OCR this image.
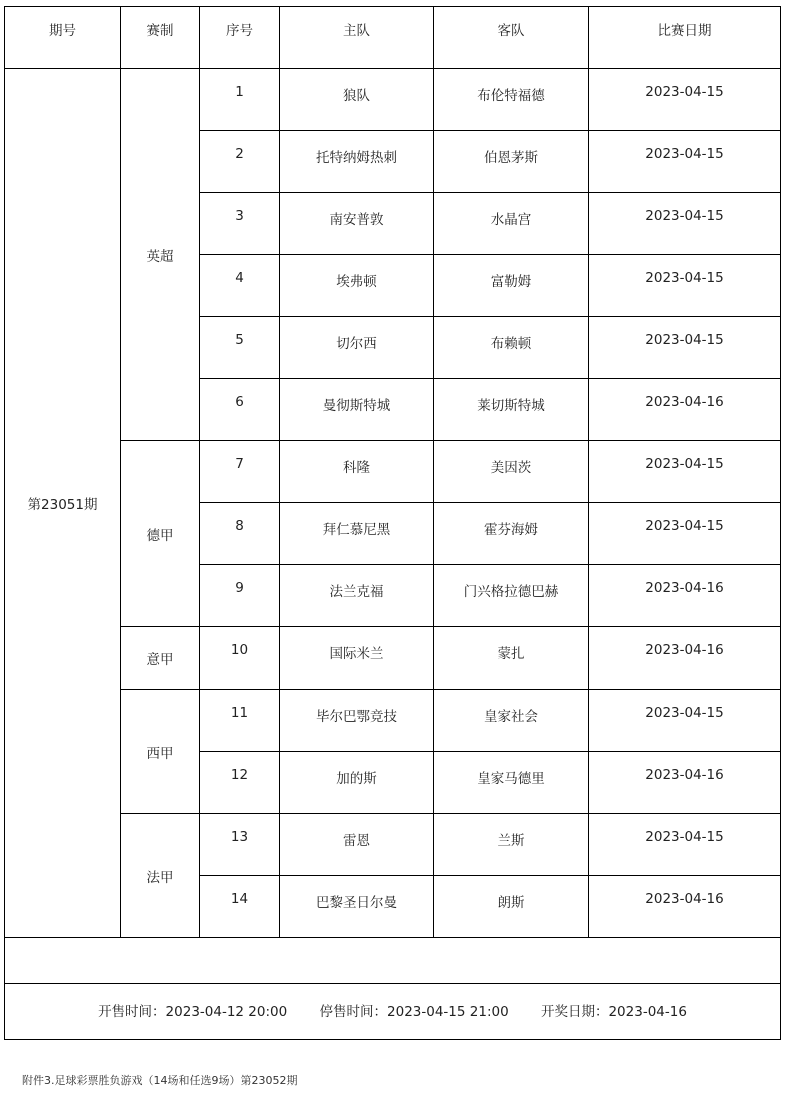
期号	赛制	序号	主队	客队	比赛日期
第23051期	英超	1	狼队	布伦特福德	2023-04-15
		2	托特纳姆热刺	伯恩茅斯	2023-04-15
		3	南安普敦	水晶宫	2023-04-15
		4	埃弗顿	富勒姆	2023-04-15
		5	切尔西	布赖顿	2023-04-15
		6	曼彻斯特城	莱切斯特城	2023-04-16
	德甲	7	科隆	美因茨	2023-04-15
		8	拜仁慕尼黑	霍芬海姆	2023-04-15
		9	法兰克福	门兴格拉德巴赫	2023-04-16
	意甲	10	国际米兰	蒙扎	2023-04-16
	西甲	11	毕尔巴鄂竞技	皇家社会	2023-04-15
		12	加的斯	皇家马德里	2023-04-16
	法甲	13	雷恩	兰斯	2023-04-15
		14	巴黎圣日尔曼	朗斯	2023-04-16

开售时间：2023-04-12 20:00 停售时间：2023-04-15 21:00 开奖日期：2023-04-16					
附件3.足球彩票胜负游戏（14场和任选9场）第23052期
